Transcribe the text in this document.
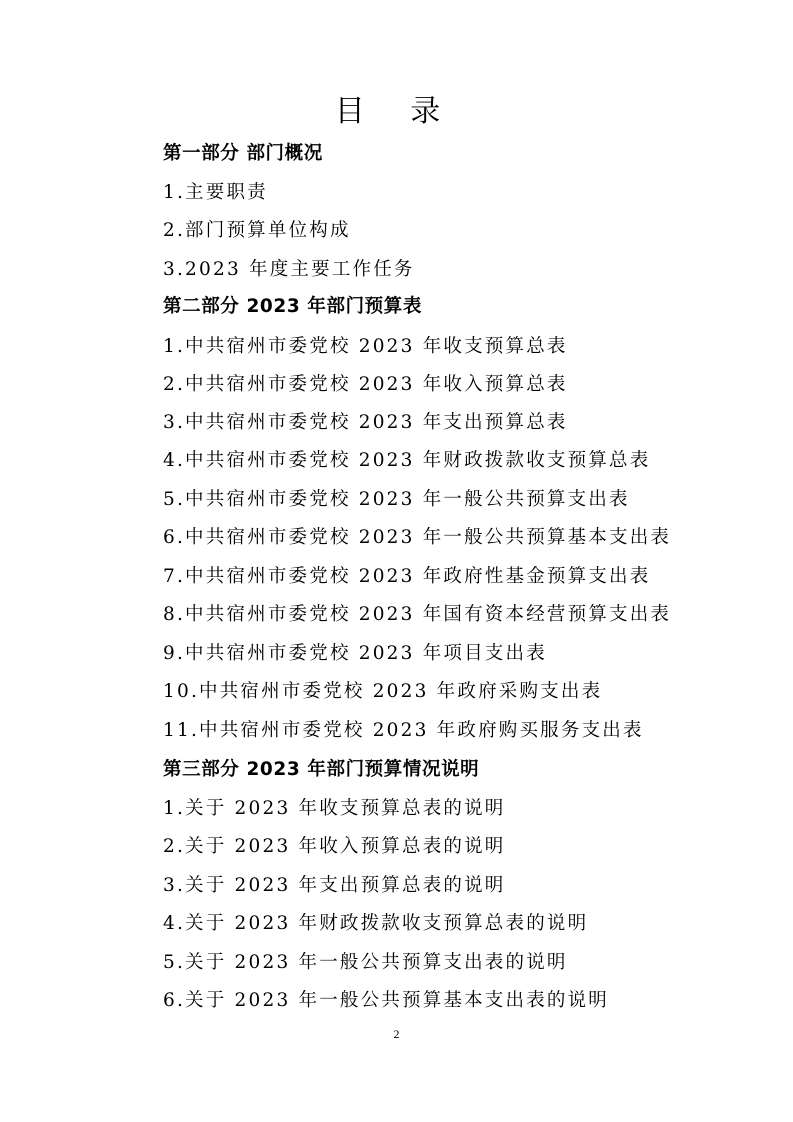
目 录
第一部分 部门概况
1.主要职责
2.部门预算单位构成
3.2023 年度主要工作任务
第二部分 2023 年部门预算表
1.中共宿州市委党校 2023 年收支预算总表
2.中共宿州市委党校 2023 年收入预算总表
3.中共宿州市委党校 2023 年支出预算总表
4.中共宿州市委党校 2023 年财政拨款收支预算总表
5.中共宿州市委党校 2023 年一般公共预算支出表
6.中共宿州市委党校 2023 年一般公共预算基本支出表
7.中共宿州市委党校 2023 年政府性基金预算支出表
8.中共宿州市委党校 2023 年国有资本经营预算支出表
9.中共宿州市委党校 2023 年项目支出表
10.中共宿州市委党校 2023 年政府采购支出表
11.中共宿州市委党校 2023 年政府购买服务支出表
第三部分 2023 年部门预算情况说明
1.关于 2023 年收支预算总表的说明
2.关于 2023 年收入预算总表的说明
3.关于 2023 年支出预算总表的说明
4.关于 2023 年财政拨款收支预算总表的说明
5.关于 2023 年一般公共预算支出表的说明
6.关于 2023 年一般公共预算基本支出表的说明
2
